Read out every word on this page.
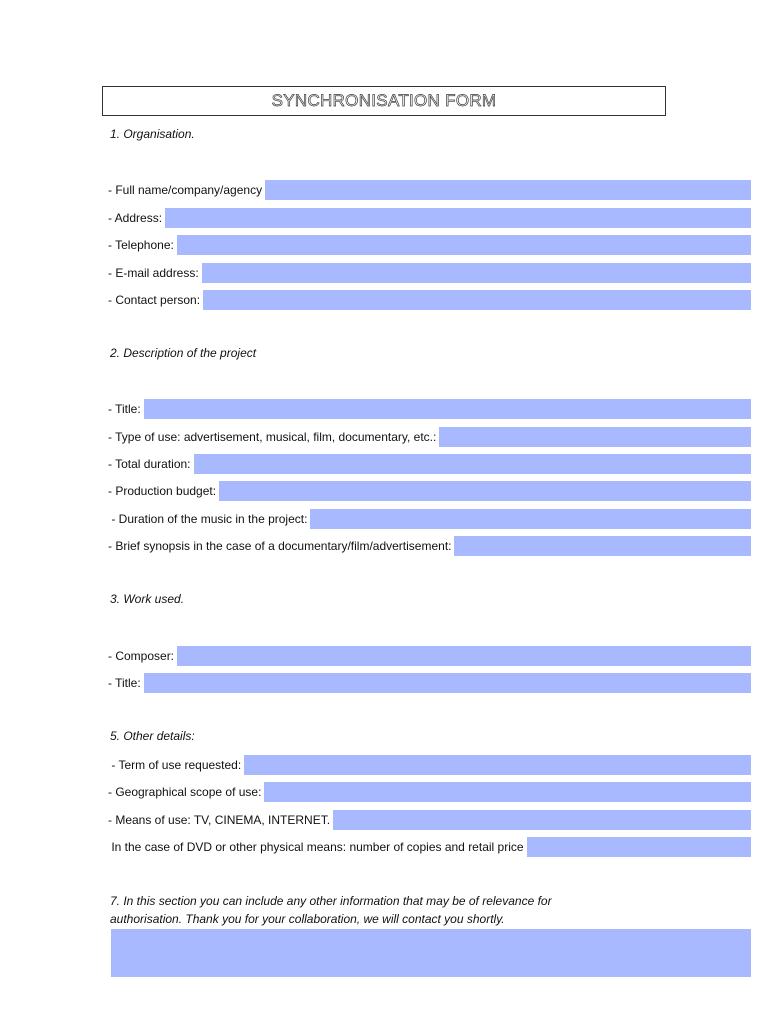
SYNCHRONISATION FORM
1. Organisation.
- Full name/company/agency
- Address:
- Telephone:
- E-mail address:
- Contact person:
2. Description of the project
- Title:
- Type of use: advertisement, musical, film, documentary, etc.:
- Total duration:
- Production budget:
- Duration of the music in the project:
- Brief synopsis in the case of a documentary/film/advertisement:
3. Work used.
- Composer:
- Title:
5. Other details:
- Term of use requested:
- Geographical scope of use:
- Means of use: TV, CINEMA, INTERNET.
In the case of DVD or other physical means: number of copies and retail price
7. In this section you can include any other information that may be of relevance for
authorisation. Thank you for your collaboration, we will contact you shortly.
